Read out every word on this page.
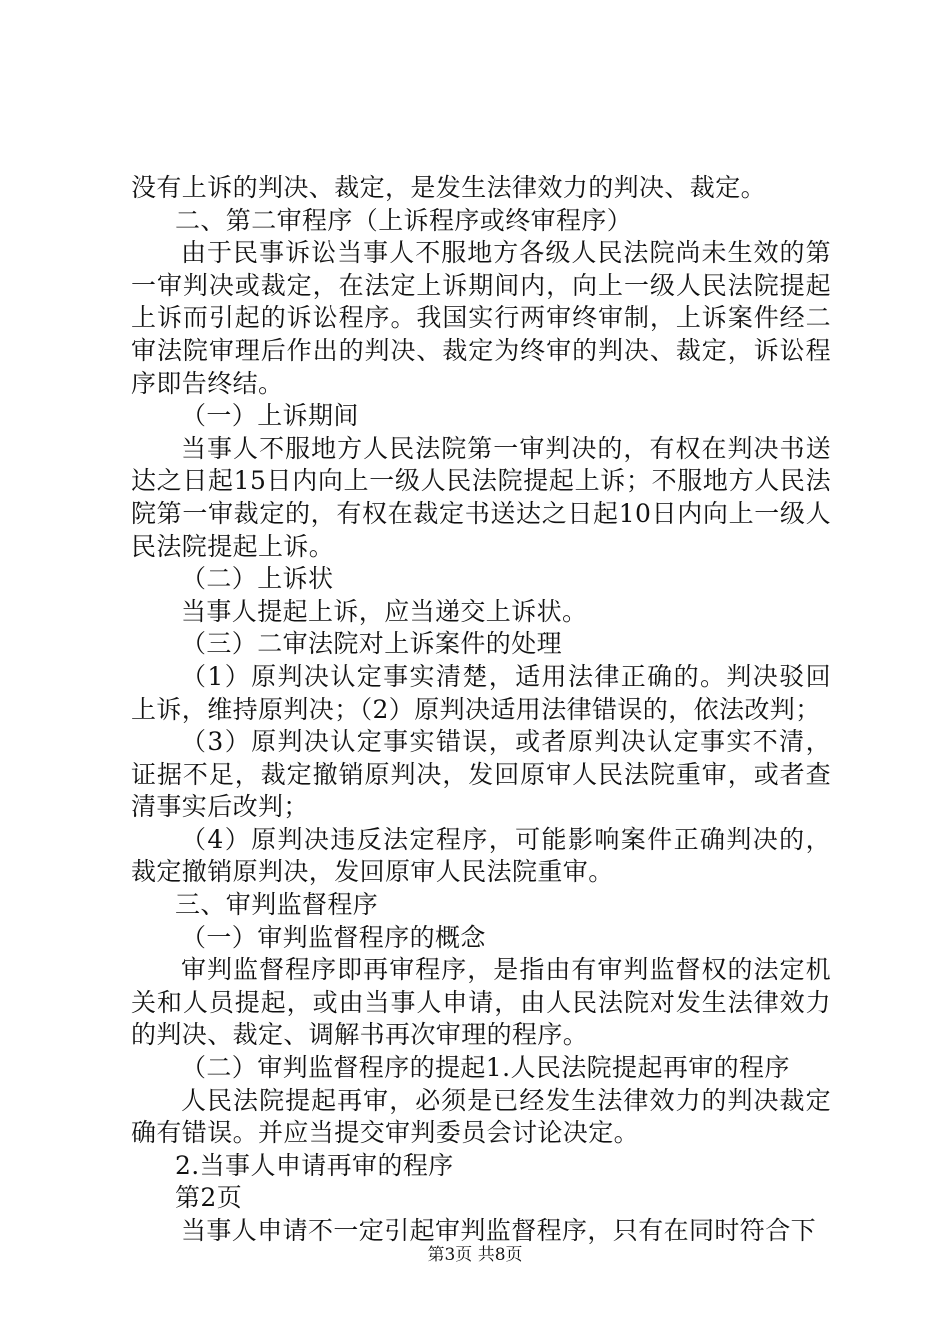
没有上诉的判决、裁定，是发生法律效力的判决、裁定。

二、第二审程序（上诉程序或终审程序）

由于民事诉讼当事人不服地方各级人民法院尚未生效的第一审判决或裁定，在法定上诉期间内，向上一级人民法院提起上诉而引起的诉讼程序。我国实行两审终审制，上诉案件经二审法院审理后作出的判决、裁定为终审的判决、裁定，诉讼程序即告终结。

（一）上诉期间

当事人不服地方人民法院第一审判决的，有权在判决书送达之日起15日内向上一级人民法院提起上诉；不服地方人民法院第一审裁定的，有权在裁定书送达之日起10日内向上一级人民法院提起上诉。

（二）上诉状

当事人提起上诉，应当递交上诉状。

（三）二审法院对上诉案件的处理

（1）原判决认定事实清楚，适用法律正确的。判决驳回上诉，维持原判决；（2）原判决适用法律错误的，依法改判；

（3）原判决认定事实错误，或者原判决认定事实不清，证据不足，裁定撤销原判决，发回原审人民法院重审，或者查清事实后改判；

（4）原判决违反法定程序，可能影响案件正确判决的，裁定撤销原判决，发回原审人民法院重审。

三、审判监督程序

（一）审判监督程序的概念

审判监督程序即再审程序，是指由有审判监督权的法定机关和人员提起，或由当事人申请，由人民法院对发生法律效力的判决、裁定、调解书再次审理的程序。

（二）审判监督程序的提起1.人民法院提起再审的程序

人民法院提起再审，必须是已经发生法律效力的判决裁定确有错误。并应当提交审判委员会讨论决定。

2.当事人申请再审的程序

第2页

当事人申请不一定引起审判监督程序，只有在同时符合下

第3页 共8页
